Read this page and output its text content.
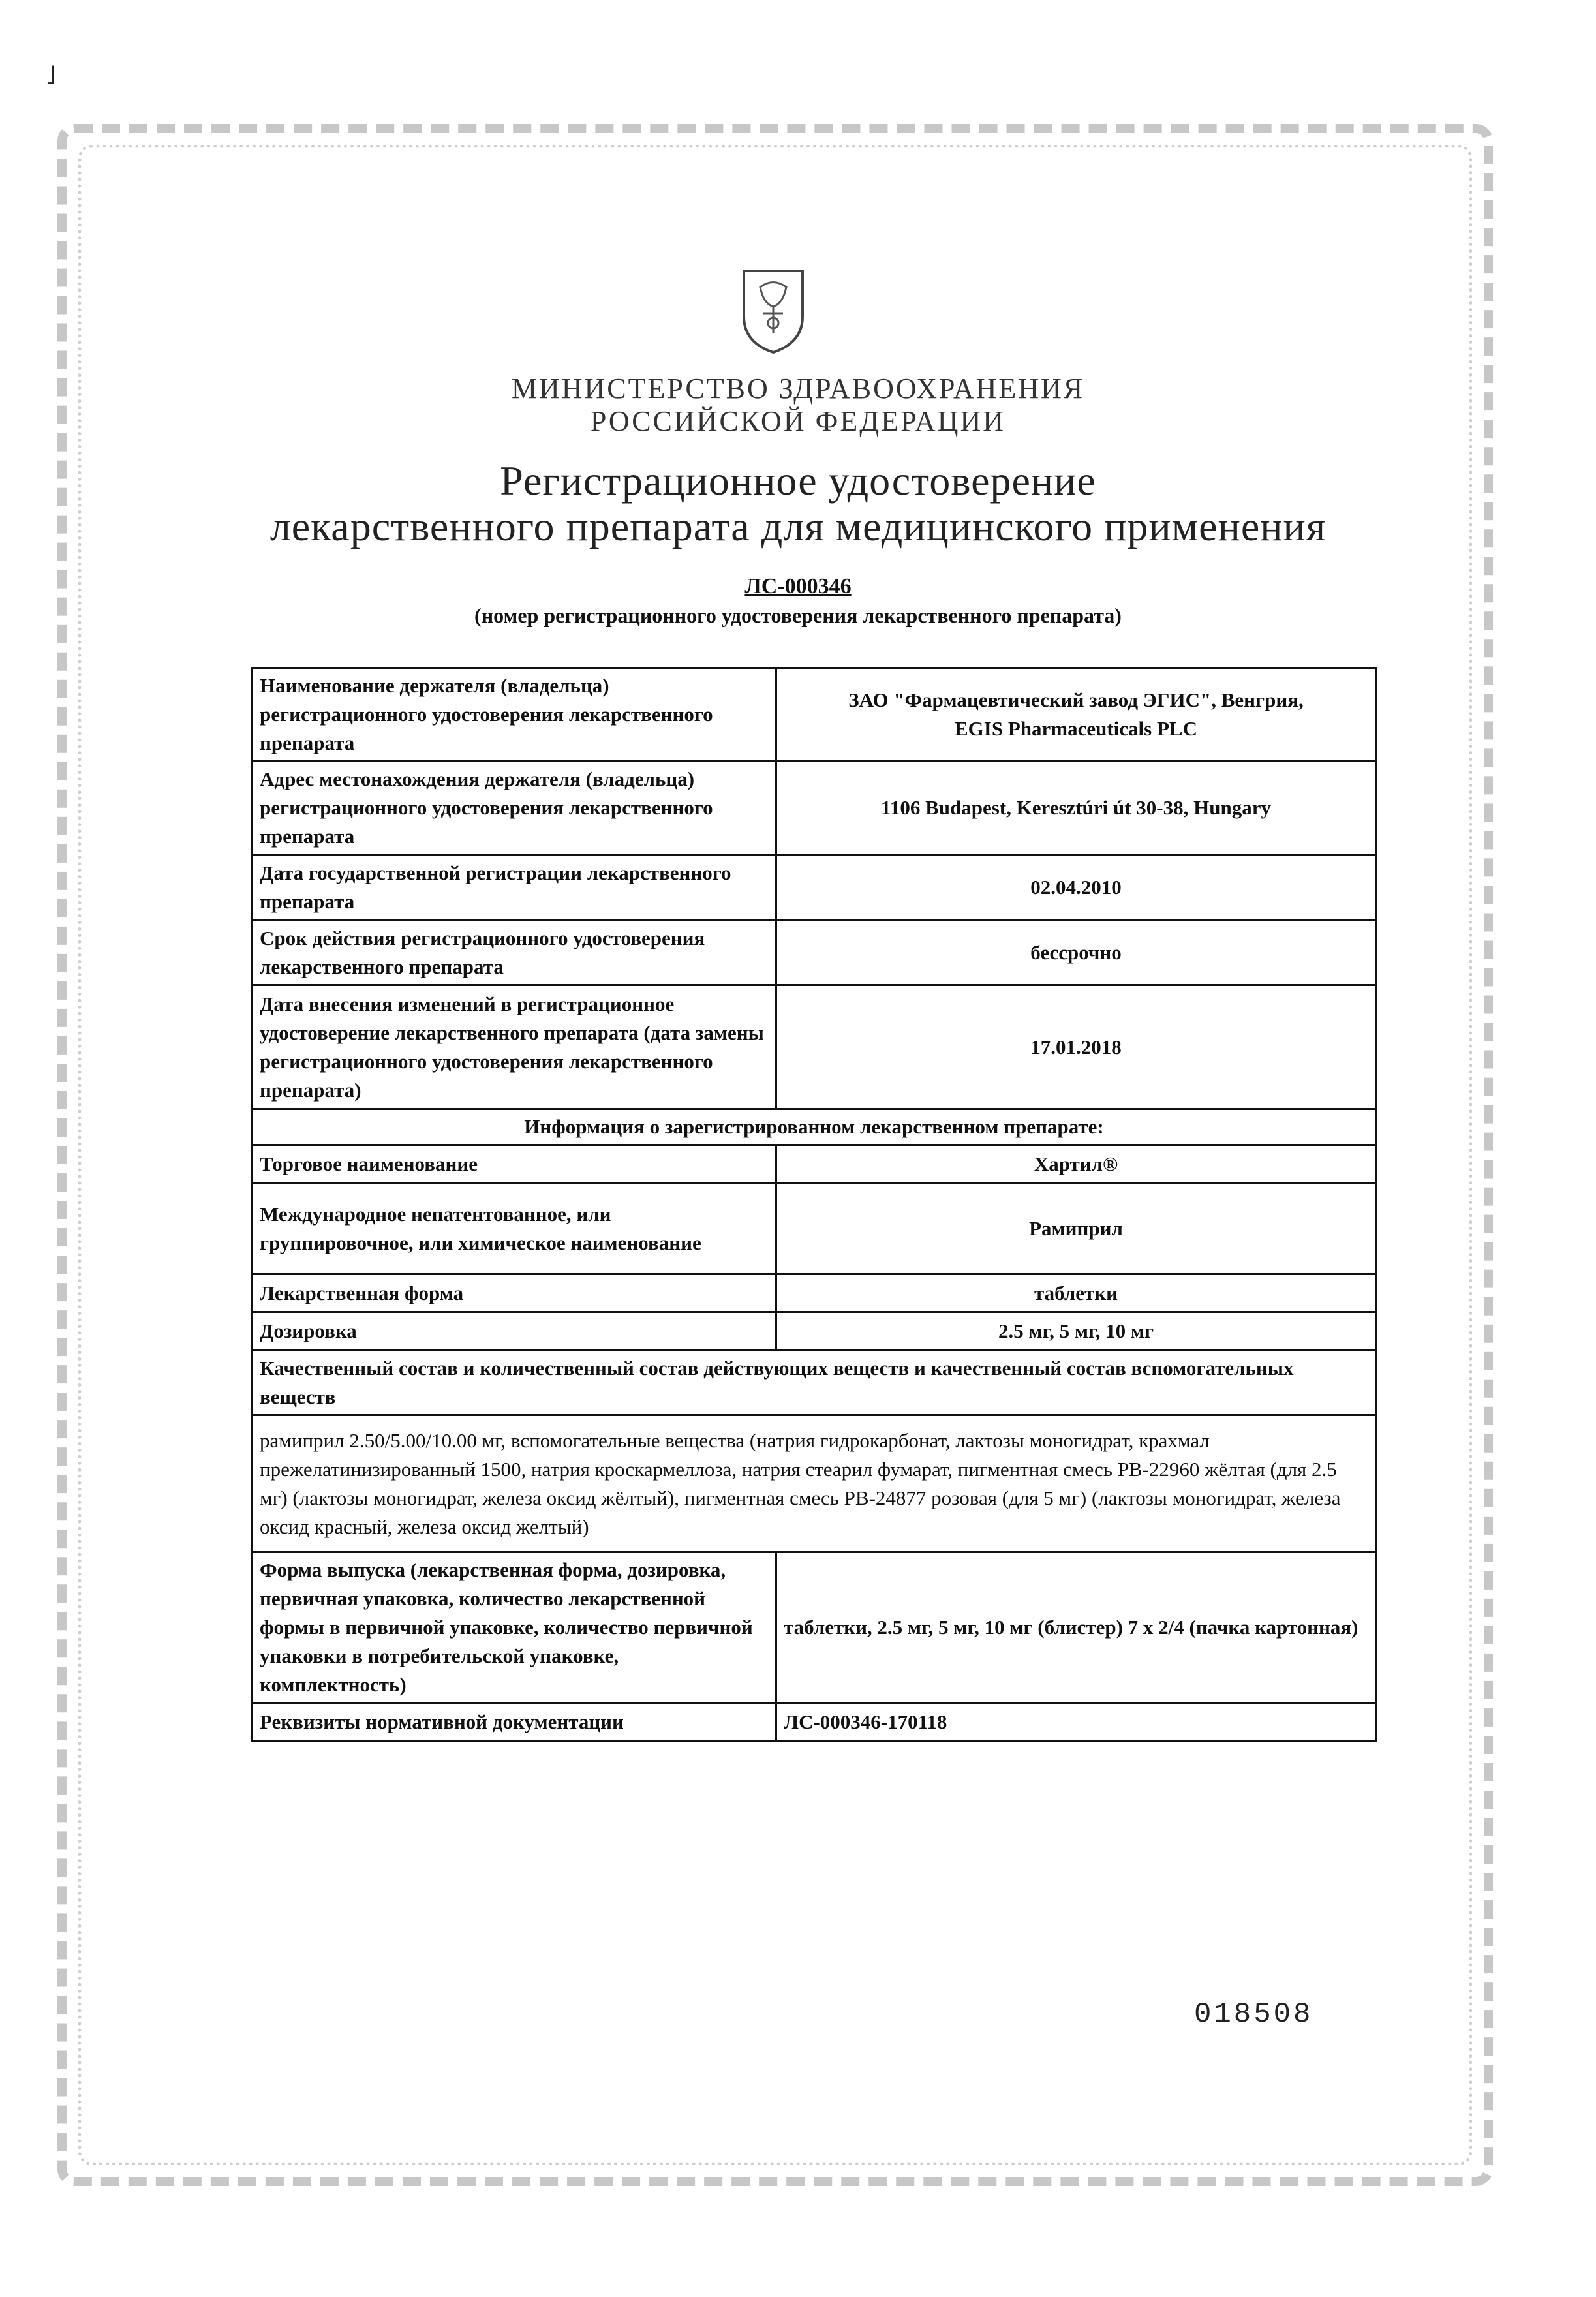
˩
МИНИСТЕРСТВО ЗДРАВООХРАНЕНИЯ
РОССИЙСКОЙ ФЕДЕРАЦИИ
Регистрационное удостоверение
лекарственного препарата для медицинского применения
ЛС-000346
(номер регистрационного удостоверения лекарственного препарата)
Наименование держателя (владельца) регистрационного удостоверения лекарственного препарата	ЗАО "Фармацевтический завод ЭГИС", Венгрия,
EGIS Pharmaceuticals PLC

Адрес местонахождения держателя (владельца) регистрационного удостоверения лекарственного препарата	1106 Budapest, Keresztúri út 30-38, Hungary
Дата государственной регистрации лекарственного препарата	02.04.2010
Срок действия регистрационного удостоверения лекарственного препарата	бессрочно
Дата внесения изменений в регистрационное удостоверение лекарственного препарата (дата замены регистрационного удостоверения лекарственного препарата)	17.01.2018
Информация о зарегистрированном лекарственном препарате:	
Торговое наименование	Хартил®
Международное непатентованное, или группировочное, или химическое наименование	Рамиприл
Лекарственная форма	таблетки
Дозировка	2.5 мг, 5 мг, 10 мг
Качественный состав и количественный состав действующих веществ и качественный состав вспомогательных веществ	
рамиприл 2.50/5.00/10.00 мг, вспомогательные вещества (натрия гидрокарбонат, лактозы моногидрат, крахмал прежелатинизированный 1500, натрия кроскармеллоза, натрия стеарил фумарат, пигментная смесь PB-22960 жёлтая (для 2.5 мг) (лактозы моногидрат, железа оксид жёлтый), пигментная смесь PB-24877 розовая (для 5 мг) (лактозы моногидрат, железа оксид красный, железа оксид желтый)	
Форма выпуска (лекарственная форма, дозировка, первичная упаковка, количество лекарственной формы в первичной упаковке, количество первичной упаковки в потребительской упаковке, комплектность)	таблетки, 2.5 мг, 5 мг, 10 мг (блистер) 7 х 2/4 (пачка картонная)
Реквизиты нормативной документации	ЛС-000346-170118
018508
